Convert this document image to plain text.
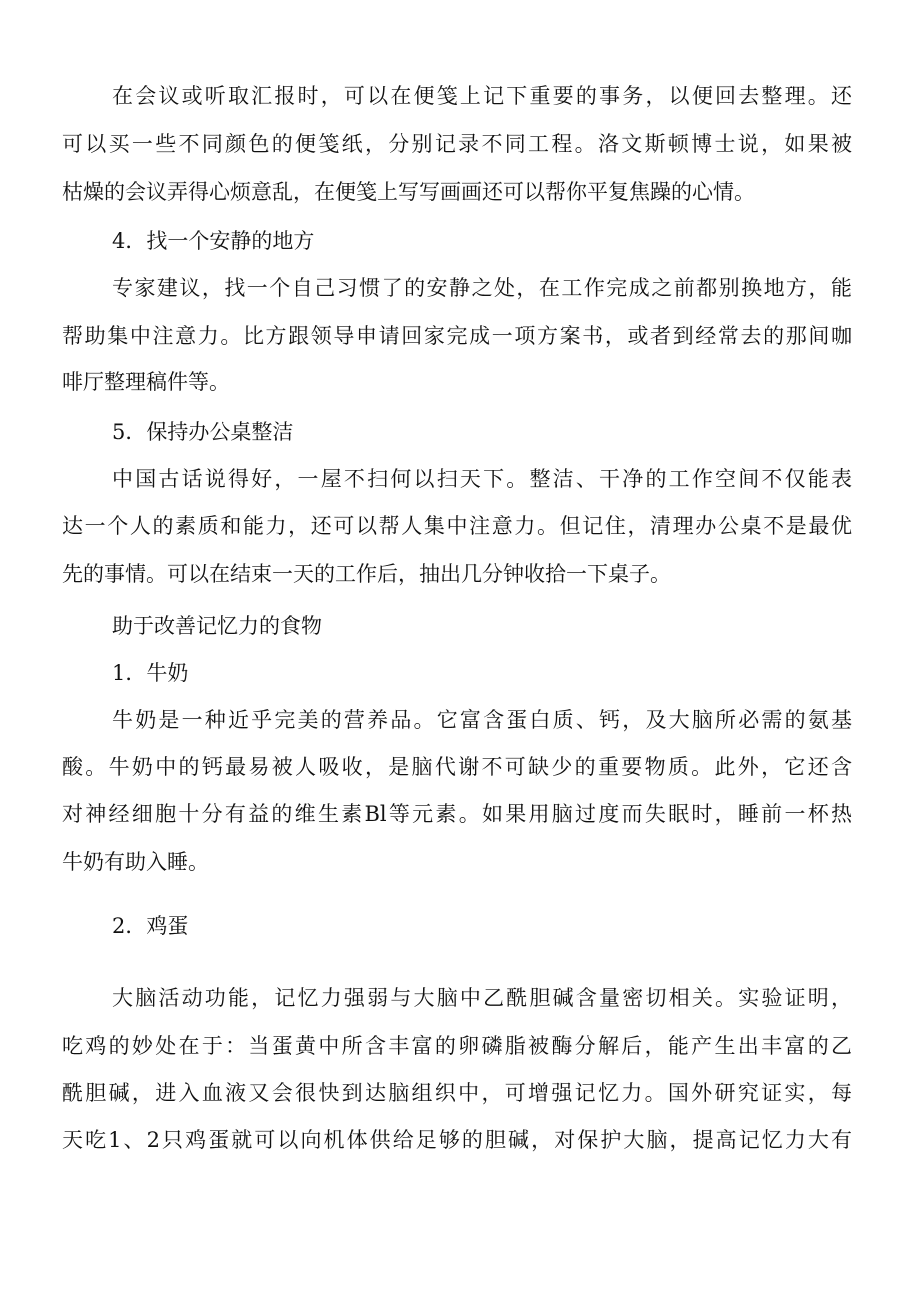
在会议或听取汇报时，可以在便笺上记下重要的事务，以便回去整理。还

可以买一些不同颜色的便笺纸，分别记录不同工程。洛文斯顿博士说，如果被

枯燥的会议弄得心烦意乱，在便笺上写写画画还可以帮你平复焦躁的心情。

4．找一个安静的地方

专家建议，找一个自己习惯了的安静之处，在工作完成之前都别换地方，能

帮助集中注意力。比方跟领导申请回家完成一项方案书，或者到经常去的那间咖

啡厅整理稿件等。

5．保持办公桌整洁

中国古话说得好，一屋不扫何以扫天下。整洁、干净的工作空间不仅能表

达一个人的素质和能力，还可以帮人集中注意力。但记住，清理办公桌不是最优

先的事情。可以在结束一天的工作后，抽出几分钟收拾一下桌子。

助于改善记忆力的食物

1．牛奶

牛奶是一种近乎完美的营养品。它富含蛋白质、钙，及大脑所必需的氨基

酸。牛奶中的钙最易被人吸收，是脑代谢不可缺少的重要物质。此外，它还含

对神经细胞十分有益的维生素Bl等元素。如果用脑过度而失眠时，睡前一杯热

牛奶有助入睡。

2．鸡蛋

大脑活动功能，记忆力强弱与大脑中乙酰胆碱含量密切相关。实验证明，

吃鸡的妙处在于：当蛋黄中所含丰富的卵磷脂被酶分解后，能产生出丰富的乙

酰胆碱，进入血液又会很快到达脑组织中，可增强记忆力。国外研究证实，每

天吃1、2只鸡蛋就可以向机体供给足够的胆碱，对保护大脑，提高记忆力大有
